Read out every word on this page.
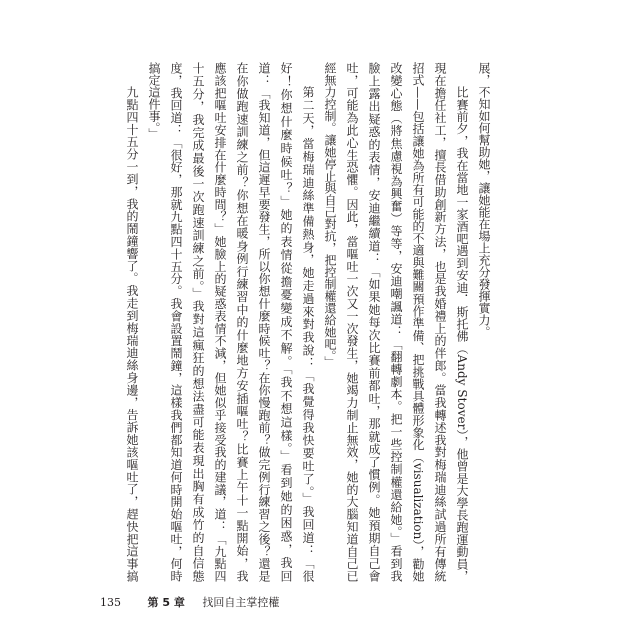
展，不知如何幫助她，讓她能在場上充分發揮實力。
比賽前夕，我在當地一家酒吧遇到安迪．斯托佛（Andy Stover），他曾是大學長跑運動員，
現在擔任社工，擅長借助創新方法，也是我婚禮上的伴郎。當我轉述我對梅瑞迪絲試過所有傳統
招式——包括讓她為所有可能的不適與難關預作準備、把挑戰具體形象化（visualization），勸她
改變心態（將焦慮視為興奮）等等，安迪嘲諷道：「翻轉劇本。把一些控制權還給她。」看到我
臉上露出疑惑的表情，安迪繼續道：「如果她每次比賽前都吐，那就成了慣例。她預期自己會
吐，可能為此心生恐懼。因此，當嘔吐一次又一次發生，她竭力制止無效，她的大腦知道自己已
經無力控制。讓她停止與自己對抗，把控制權還給她吧。」
第二天，當梅瑞迪絲準備熱身，她走過來對我說：「我覺得我快要吐了。」我回道：「很
好！你想什麼時候吐？」她的表情從擔憂變成不解。「我不想這樣。」看到她的困惑，我回
道：「我知道，但這遲早要發生，所以你想什麼時候吐？在你慢跑前？做完例行練習之後？還是
在你做跑速訓練之前？你想在暖身例行練習中的什麼地方安插嘔吐？比賽上午十一點開始，我
應該把嘔吐安排在什麼時間？」她臉上的疑惑表情不減，但她似乎接受我的建議，道：「九點四
十五分，我完成最後一次跑速訓練之前。」我對這瘋狂的想法盡可能表現出胸有成竹的自信態
度，我回道：「很好，那就九點四十五分。我會設置鬧鐘，這樣我們都知道何時開始嘔吐，何時
搞定這件事。」
九點四十五分一到，我的鬧鐘響了。我走到梅瑞迪絲身邊，告訴她該嘔吐了，趕快把這事搞
135 第 5 章 找回自主掌控權
